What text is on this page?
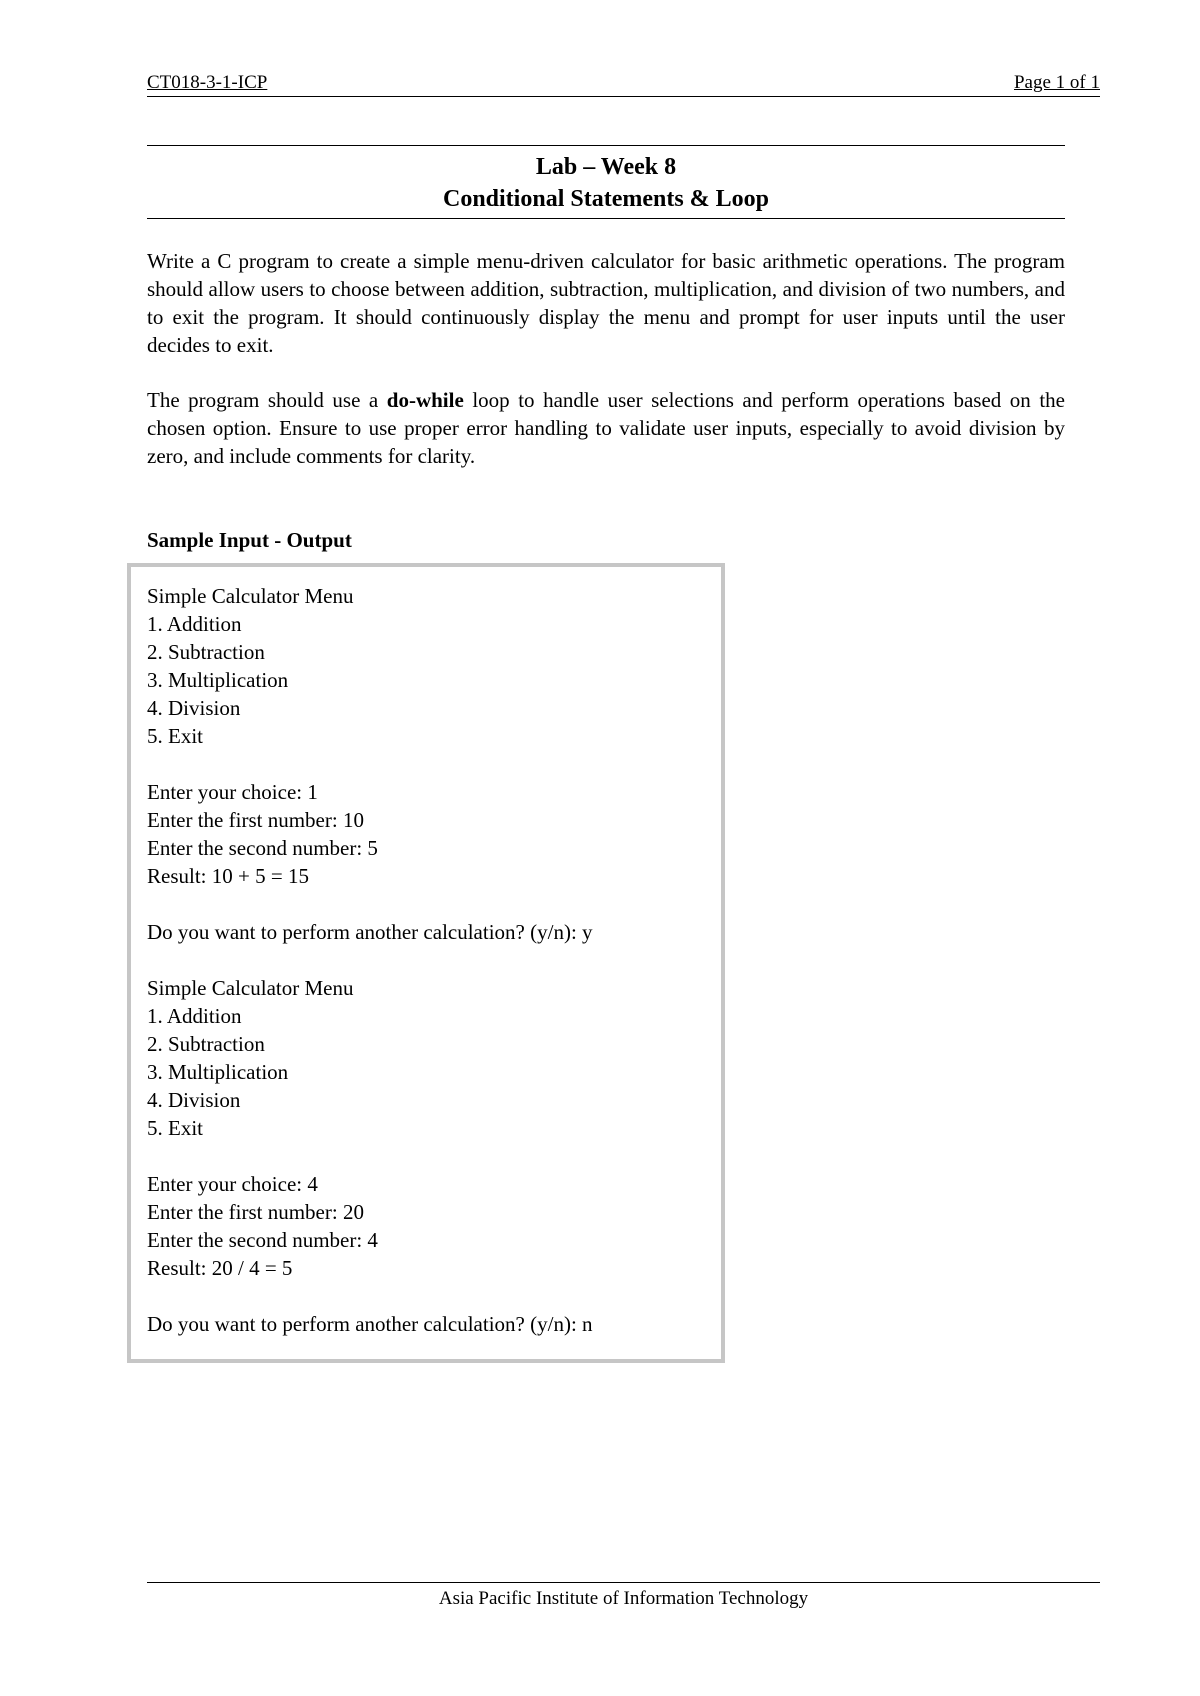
CT018-3-1-ICP	Page 1 of 1
Lab – Week 8
Conditional Statements & Loop

Write a C program to create a simple menu-driven calculator for basic arithmetic operations. The program should allow users to choose between addition, subtraction, multiplication, and division of two numbers, and to exit the program. It should continuously display the menu and prompt for user inputs until the user decides to exit.

The program should use a do-while loop to handle user selections and perform operations based on the chosen option. Ensure to use proper error handling to validate user inputs, especially to avoid division by zero, and include comments for clarity.

Sample Input - Output
Simple Calculator Menu
1. Addition
2. Subtraction
3. Multiplication
4. Division
5. Exit
Enter your choice: 1
Enter the first number: 10
Enter the second number: 5
Result: 10 + 5 = 15
Do you want to perform another calculation? (y/n): y
Simple Calculator Menu
1. Addition
2. Subtraction
3. Multiplication
4. Division
5. Exit
Enter your choice: 4
Enter the first number: 20
Enter the second number: 4
Result: 20 / 4 = 5
Do you want to perform another calculation? (y/n): n
Asia Pacific Institute of Information Technology
